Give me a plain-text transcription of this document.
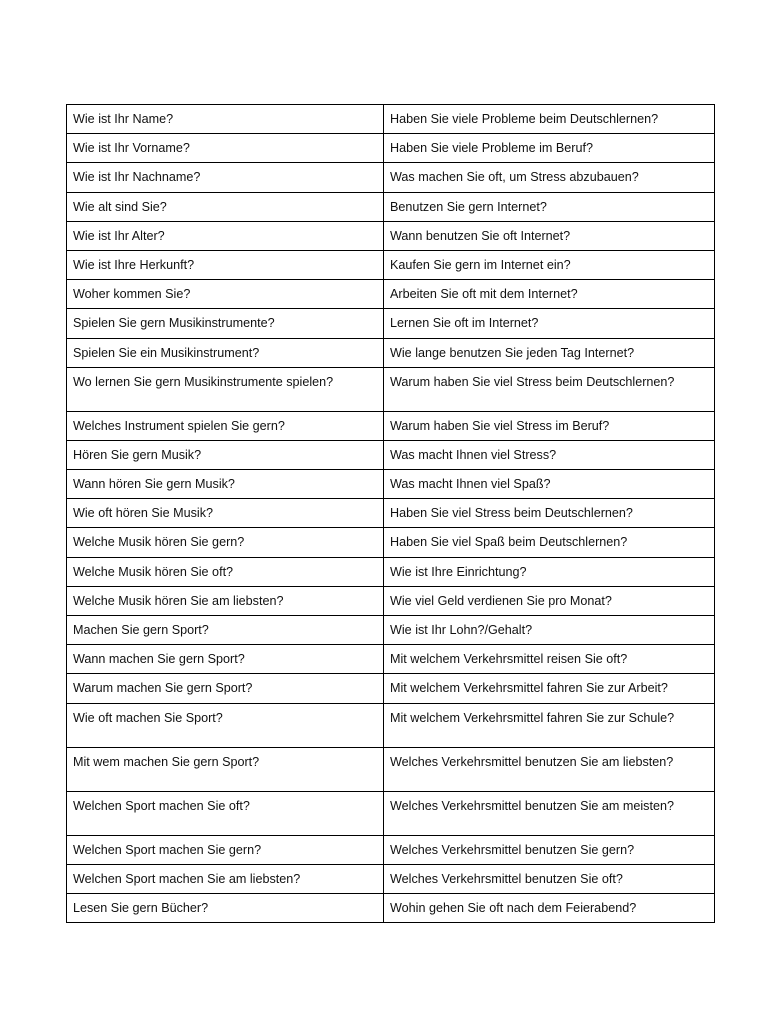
Wie ist Ihr Name?	Haben Sie viele Probleme beim Deutschlernen?
Wie ist Ihr Vorname?	Haben Sie viele Probleme im Beruf?
Wie ist Ihr Nachname?	Was machen Sie oft, um Stress abzubauen?
Wie alt sind Sie?	Benutzen Sie gern Internet?
Wie ist Ihr Alter?	Wann benutzen Sie oft Internet?
Wie ist Ihre Herkunft?	Kaufen Sie gern im Internet ein?
Woher kommen Sie?	Arbeiten Sie oft mit dem Internet?
Spielen Sie gern Musikinstrumente?	Lernen Sie oft im Internet?
Spielen Sie ein Musikinstrument?	Wie lange benutzen Sie jeden Tag Internet?
Wo lernen Sie gern Musikinstrumente spielen?	Warum haben Sie viel Stress beim Deutschlernen?
Welches Instrument spielen Sie gern?	Warum haben Sie viel Stress im Beruf?
Hören Sie gern Musik?	Was macht Ihnen viel Stress?
Wann hören Sie gern Musik?	Was macht Ihnen viel Spaß?
Wie oft hören Sie Musik?	Haben Sie viel Stress beim Deutschlernen?
Welche Musik hören Sie gern?	Haben Sie viel Spaß beim Deutschlernen?
Welche Musik hören Sie oft?	Wie ist Ihre Einrichtung?
Welche Musik hören Sie am liebsten?	Wie viel Geld verdienen Sie pro Monat?
Machen Sie gern Sport?	Wie ist Ihr Lohn?/Gehalt?
Wann machen Sie gern Sport?	Mit welchem Verkehrsmittel reisen Sie oft?
Warum machen Sie gern Sport?	Mit welchem Verkehrsmittel fahren Sie zur Arbeit?
Wie oft machen Sie Sport?	Mit welchem Verkehrsmittel fahren Sie zur Schule?
Mit wem machen Sie gern Sport?	Welches Verkehrsmittel benutzen Sie am liebsten?
Welchen Sport machen Sie oft?	Welches Verkehrsmittel benutzen Sie am meisten?
Welchen Sport machen Sie gern?	Welches Verkehrsmittel benutzen Sie gern?
Welchen Sport machen Sie am liebsten?	Welches Verkehrsmittel benutzen Sie oft?
Lesen Sie gern Bücher?	Wohin gehen Sie oft nach dem Feierabend?
